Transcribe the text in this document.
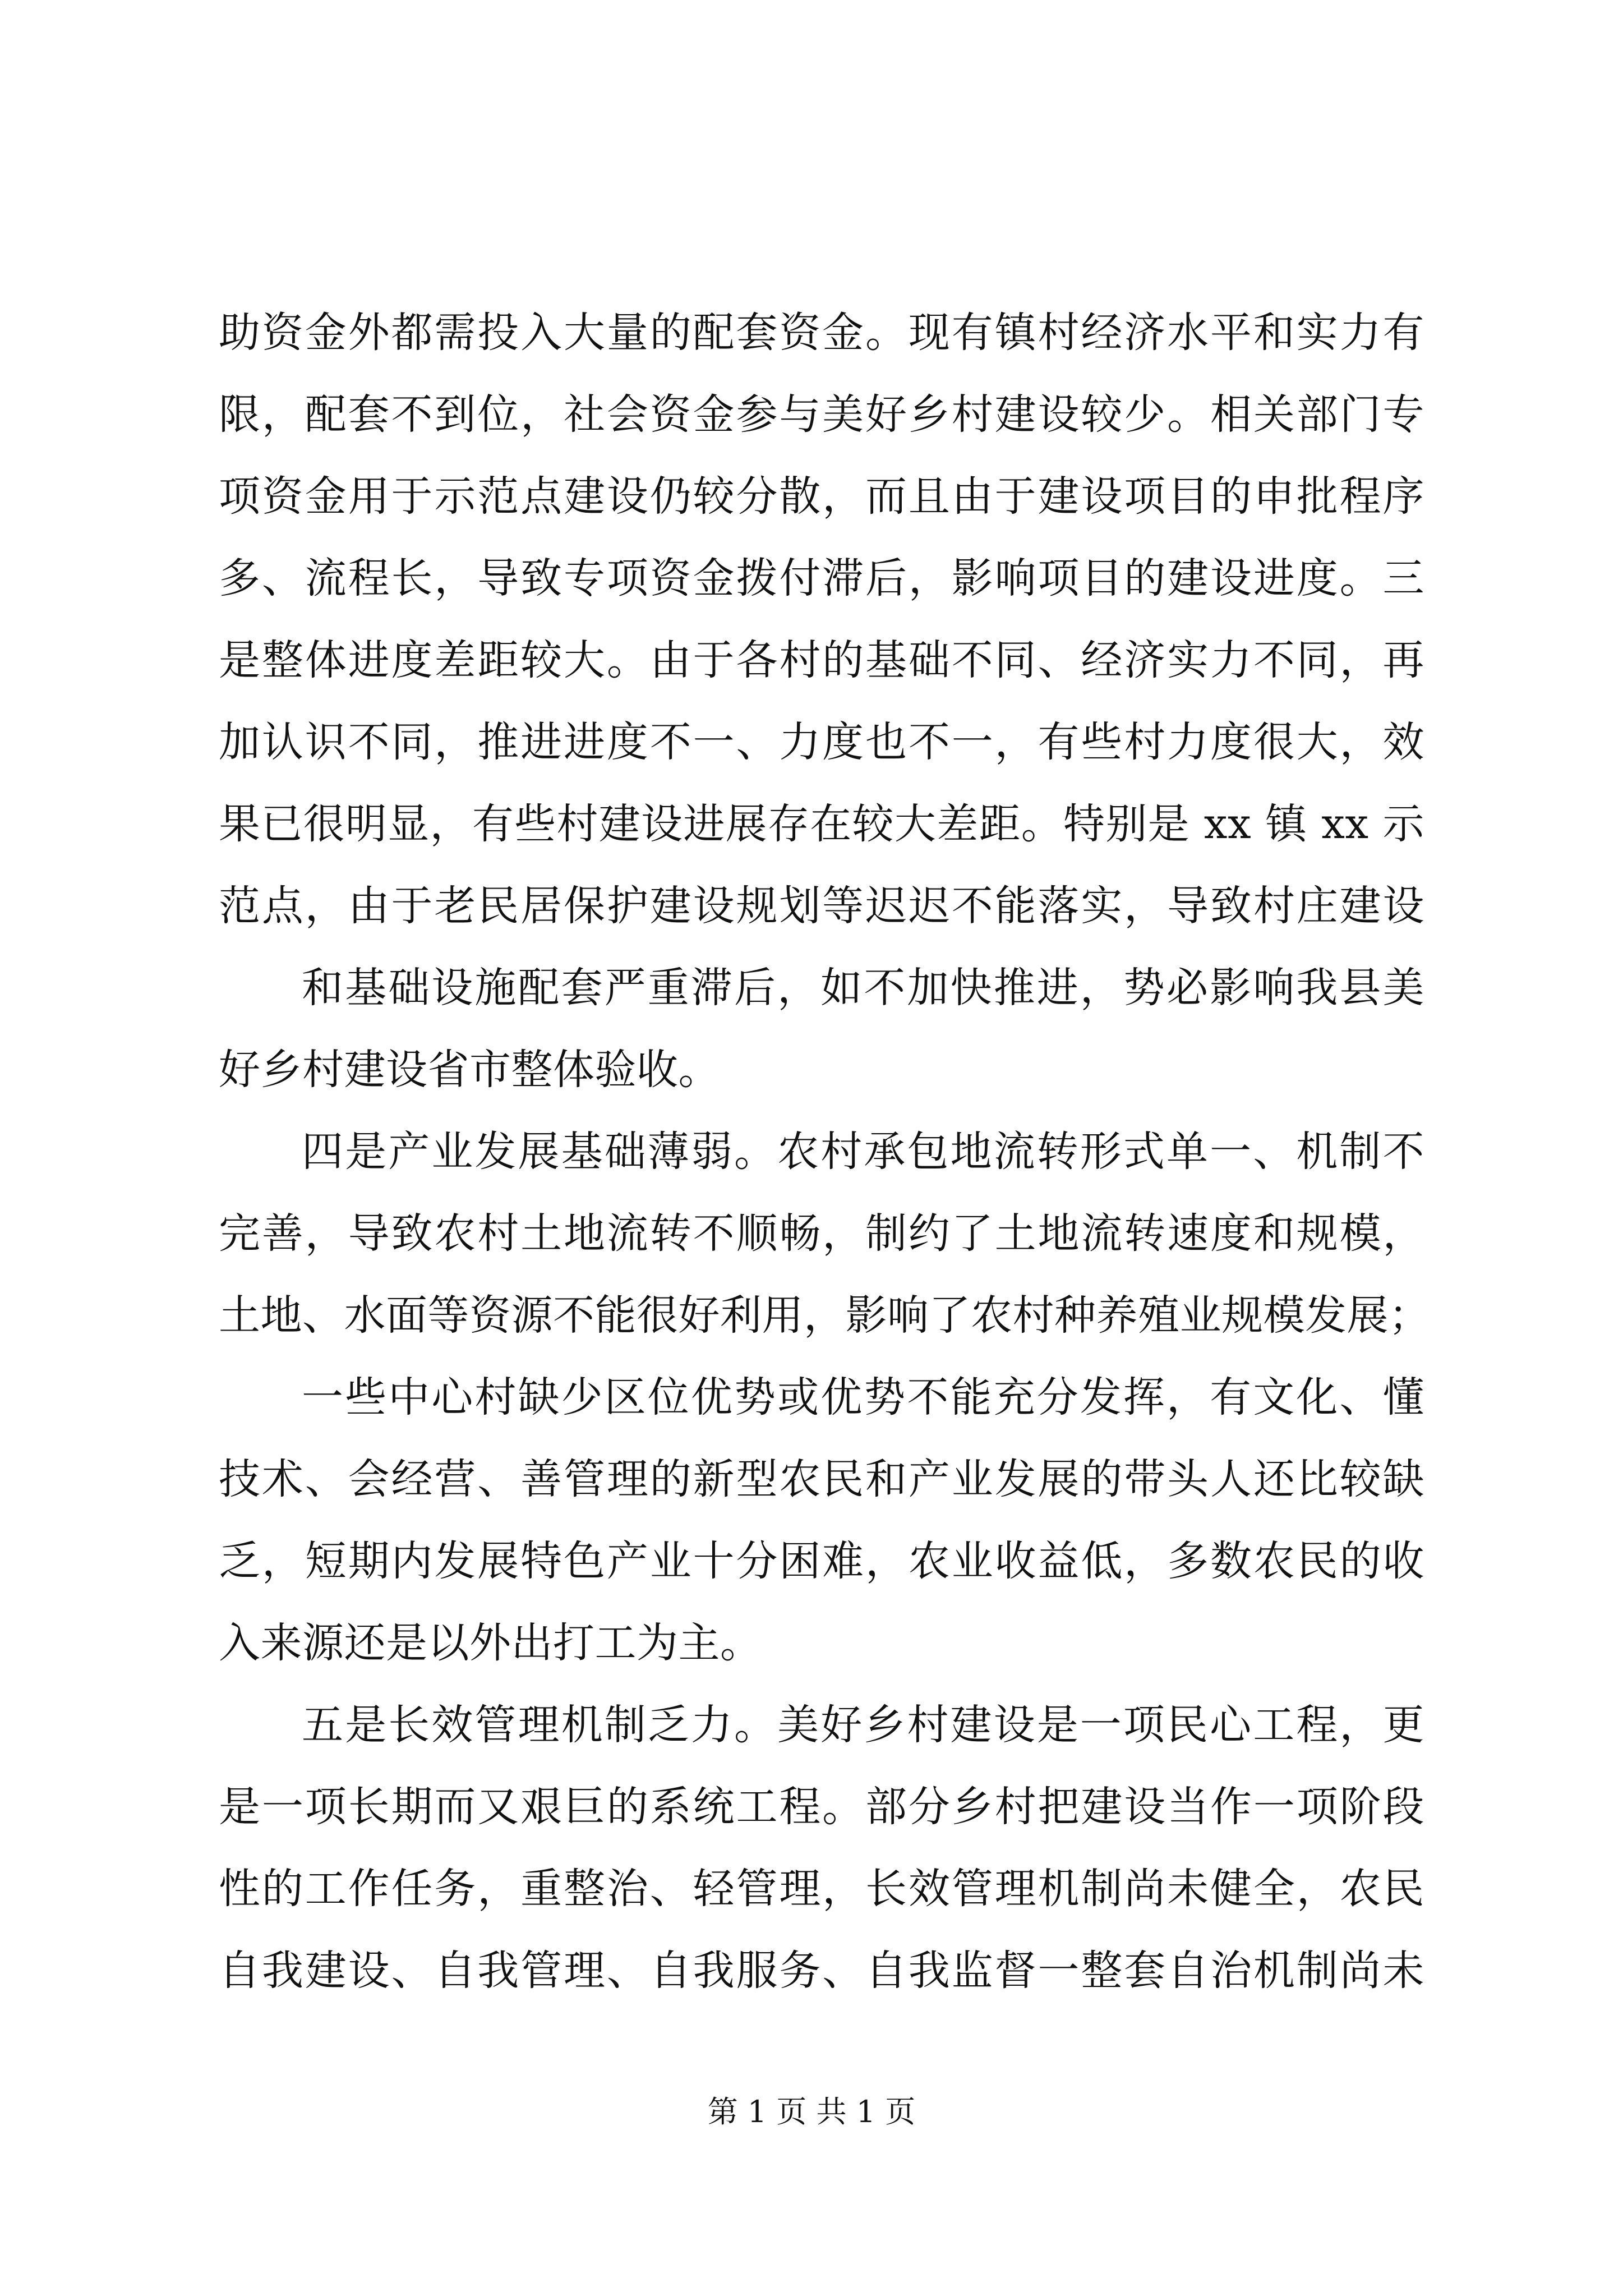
助资金外都需投入大量的配套资金。现有镇村经济水平和实力有
限，配套不到位，社会资金参与美好乡村建设较少。相关部门专
项资金用于示范点建设仍较分散，而且由于建设项目的申批程序
多、流程长，导致专项资金拨付滞后，影响项目的建设进度。三
是整体进度差距较大。由于各村的基础不同、经济实力不同，再
加认识不同，推进进度不一、力度也不一，有些村力度很大，效
果已很明显，有些村建设进展存在较大差距。特别是 xx 镇 xx 示
范点，由于老民居保护建设规划等迟迟不能落实，导致村庄建设
和基础设施配套严重滞后，如不加快推进，势必影响我县美
好乡村建设省市整体验收。
四是产业发展基础薄弱。农村承包地流转形式单一、机制不
完善，导致农村土地流转不顺畅，制约了土地流转速度和规模，
土地、水面等资源不能很好利用，影响了农村种养殖业规模发展；
一些中心村缺少区位优势或优势不能充分发挥，有文化、懂
技术、会经营、善管理的新型农民和产业发展的带头人还比较缺
乏，短期内发展特色产业十分困难，农业收益低，多数农民的收
入来源还是以外出打工为主。
五是长效管理机制乏力。美好乡村建设是一项民心工程，更
是一项长期而又艰巨的系统工程。部分乡村把建设当作一项阶段
性的工作任务，重整治、轻管理，长效管理机制尚未健全，农民
自我建设、自我管理、自我服务、自我监督一整套自治机制尚未
第 1 页 共 1 页
